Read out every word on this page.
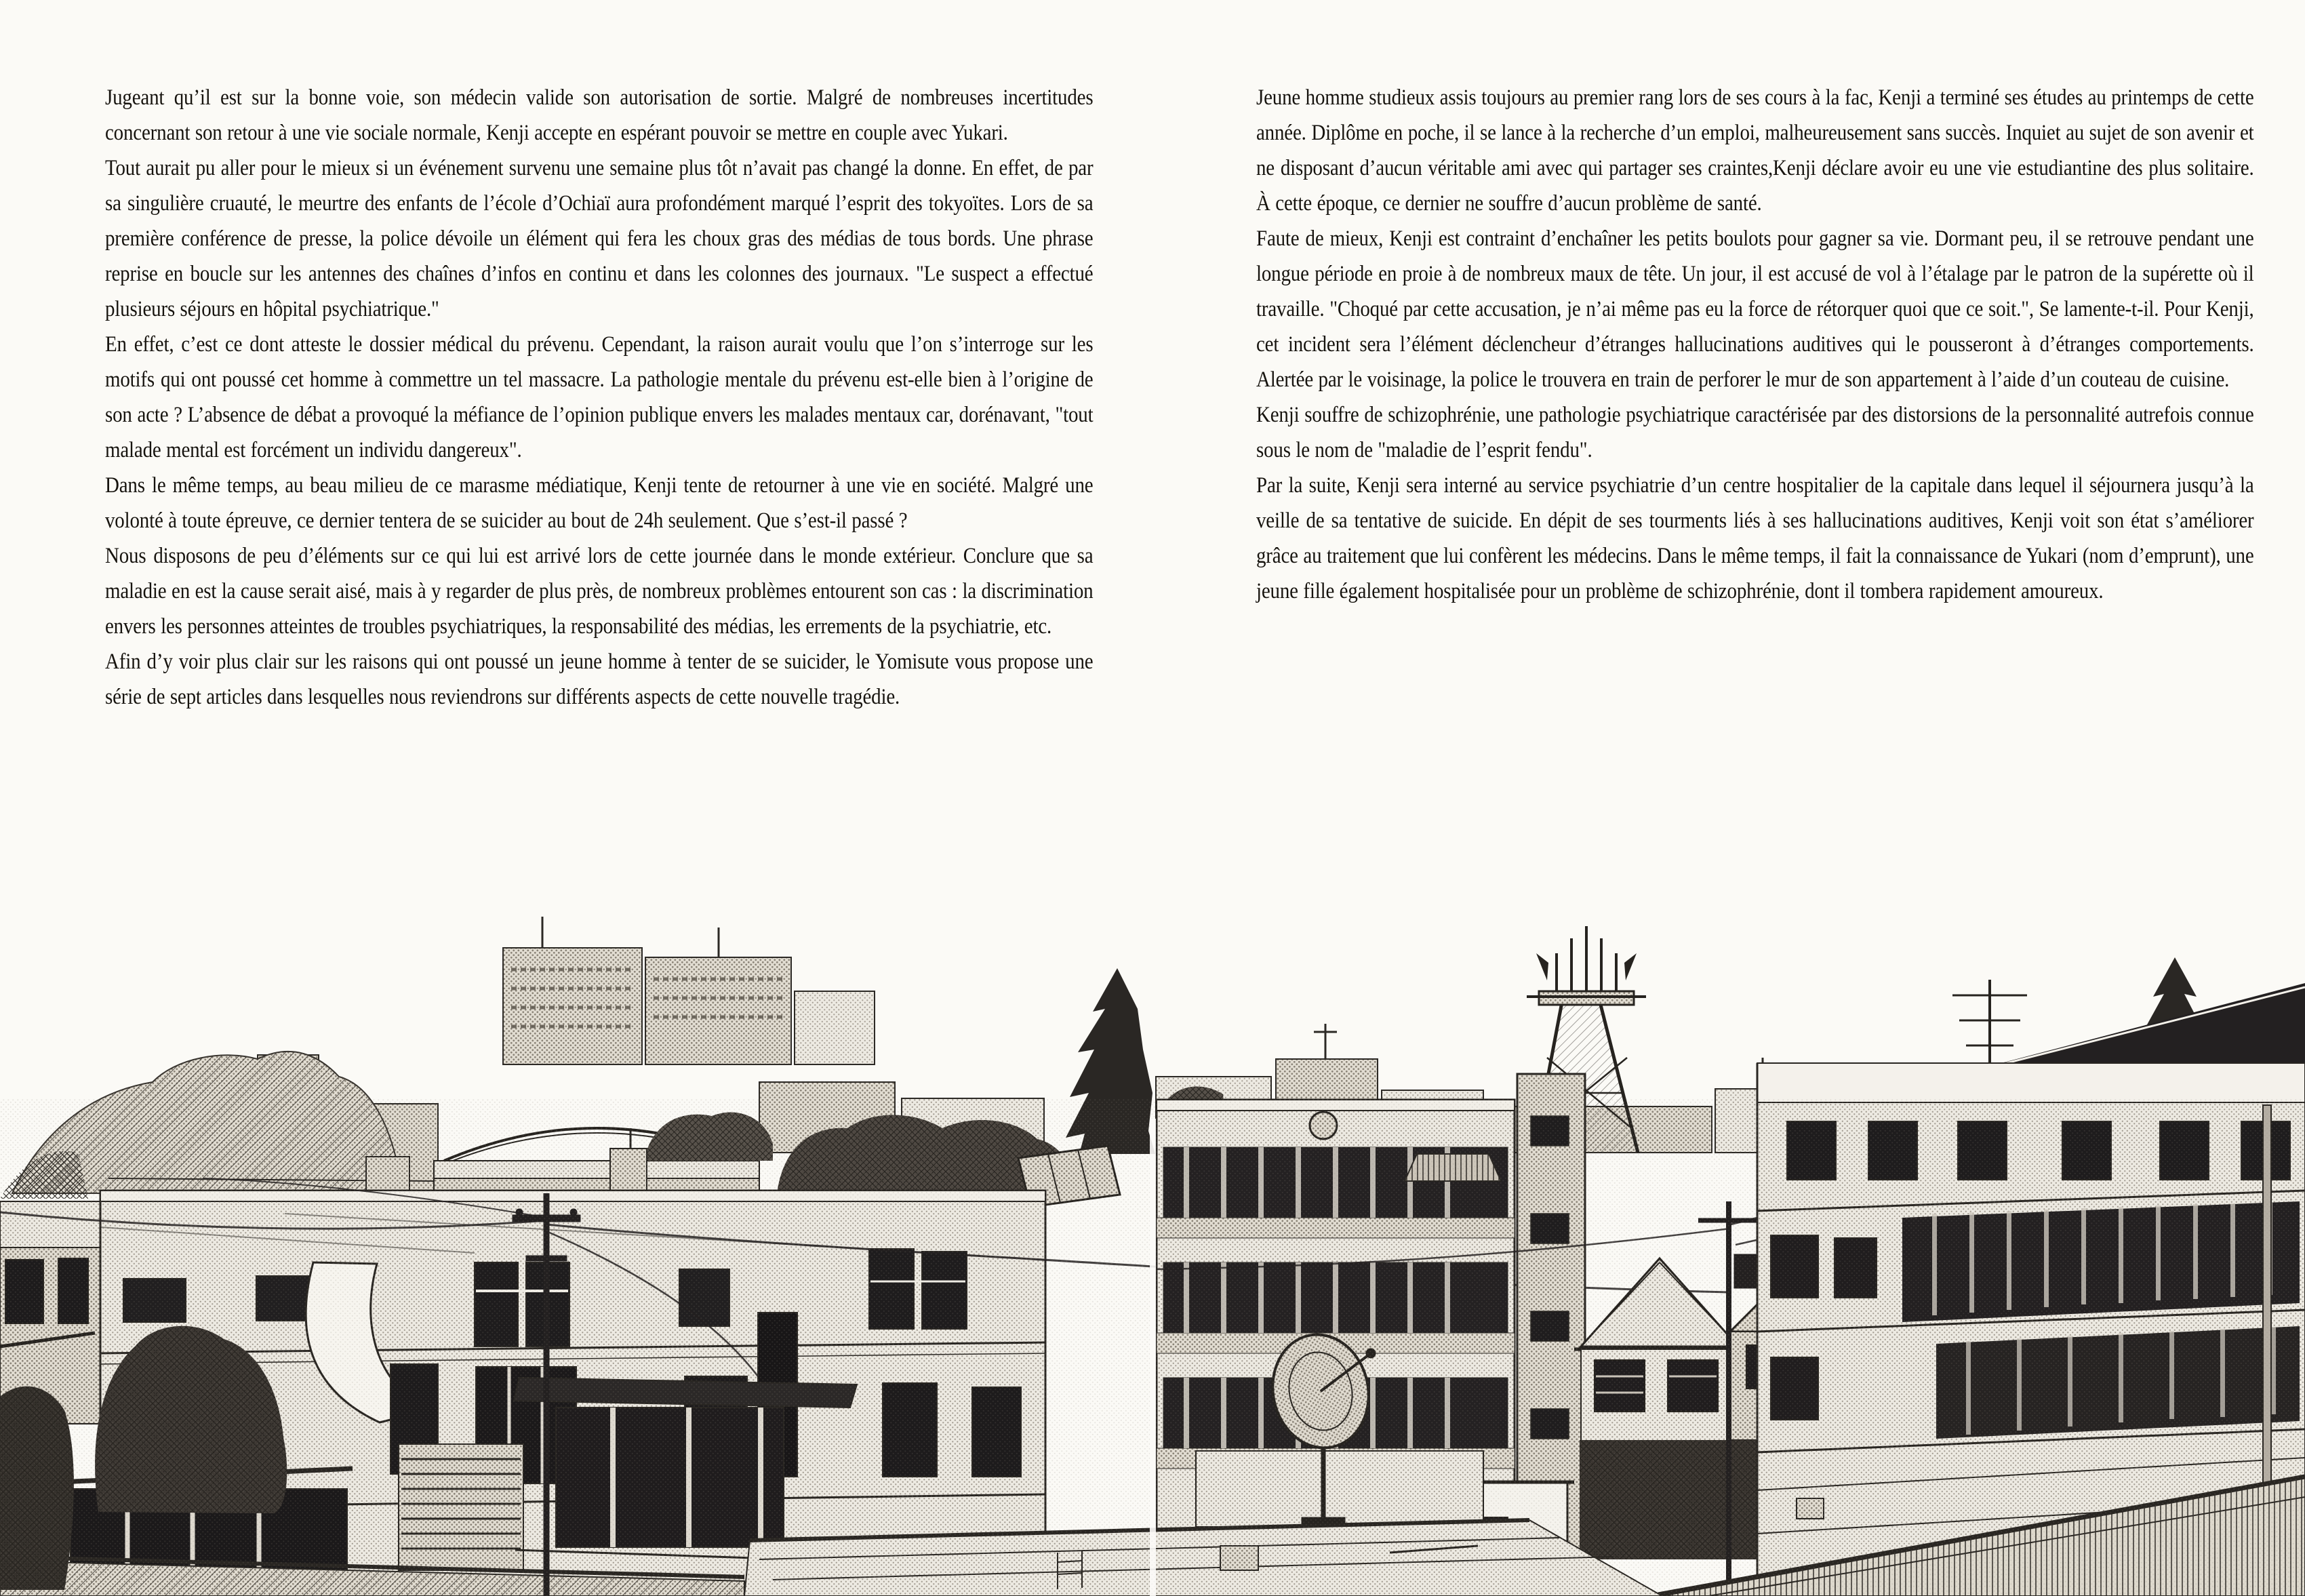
Jugeant qu’il est sur la bonne voie, son médecin valide son autorisation de sortie. Malgré de nombreuses incertitudes concernant son retour à une vie sociale normale, Kenji accepte en espérant pouvoir se mettre en couple avec Yukari.

Tout aurait pu aller pour le mieux si un événement survenu une semaine plus tôt n’avait pas changé la donne. En effet, de par sa singulière cruauté, le meurtre des enfants de l’école d’Ochiaï aura profondément marqué l’esprit des tokyoïtes. Lors de sa première conférence de presse, la police dévoile un élément qui fera les choux gras des médias de tous bords. Une phrase reprise en boucle sur les antennes des chaînes d’infos en continu et dans les colonnes des journaux. "Le suspect a effectué plusieurs séjours en hôpital psychiatrique."

En effet, c’est ce dont atteste le dossier médical du prévenu. Cependant, la raison aurait voulu que l’on s’interroge sur les motifs qui ont poussé cet homme à commettre un tel massacre. La pathologie mentale du prévenu est-elle bien à l’origine de son acte ? L’absence de débat a provoqué la méfiance de l’opinion publique envers les malades mentaux car, dorénavant, "tout malade mental est forcément un individu dangereux".

Dans le même temps, au beau milieu de ce marasme médiatique, Kenji tente de retourner à une vie en société. Malgré une volonté à toute épreuve, ce dernier tentera de se suicider au bout de 24h seulement. Que s’est-il passé ?

Nous disposons de peu d’éléments sur ce qui lui est arrivé lors de cette journée dans le monde extérieur. Conclure que sa maladie en est la cause serait aisé, mais à y regarder de plus près, de nombreux problèmes entourent son cas : la discrimination envers les personnes atteintes de troubles psychiatriques, la responsabilité des médias, les errements de la psychiatrie, etc.

Afin d’y voir plus clair sur les raisons qui ont poussé un jeune homme à tenter de se suicider, le Yomisute vous propose une série de sept articles dans lesquelles nous reviendrons sur différents aspects de cette nouvelle tragédie.

Jeune homme studieux assis toujours au premier rang lors de ses cours à la fac, Kenji a terminé ses études au printemps de cette année. Diplôme en poche, il se lance à la recherche d’un emploi, malheureusement sans succès. Inquiet au sujet de son avenir et ne disposant d’aucun véritable ami avec qui partager ses craintes,Kenji déclare avoir eu une vie estudiantine des plus solitaire. À cette époque, ce dernier ne souffre d’aucun problème de santé.

Faute de mieux, Kenji est contraint d’enchaîner les petits boulots pour gagner sa vie. Dormant peu, il se retrouve pendant une longue période en proie à de nombreux maux de tête. Un jour, il est accusé de vol à l’étalage par le patron de la supérette où il travaille. "Choqué par cette accusation, je n’ai même pas eu la force de rétorquer quoi que ce soit.", Se lamente-t-il. Pour Kenji, cet incident sera l’élément déclencheur d’étranges hallucinations auditives qui le pousseront à d’étranges comportements. Alertée par le voisinage, la police le trouvera en train de perforer le mur de son appartement à l’aide d’un couteau de cuisine.

Kenji souffre de schizophrénie, une pathologie psychiatrique caractérisée par des distorsions de la personnalité autrefois connue sous le nom de "maladie de l’esprit fendu".

Par la suite, Kenji sera interné au service psychiatrie d’un centre hospitalier de la capitale dans lequel il séjournera jusqu’à la veille de sa tentative de suicide. En dépit de ses tourments liés à ses hallucinations auditives, Kenji voit son état s’améliorer grâce au traitement que lui confèrent les médecins. Dans le même temps, il fait la connaissance de Yukari (nom d’emprunt), une jeune fille également hospitalisée pour un problème de schizophrénie, dont il tombera rapidement amoureux.
